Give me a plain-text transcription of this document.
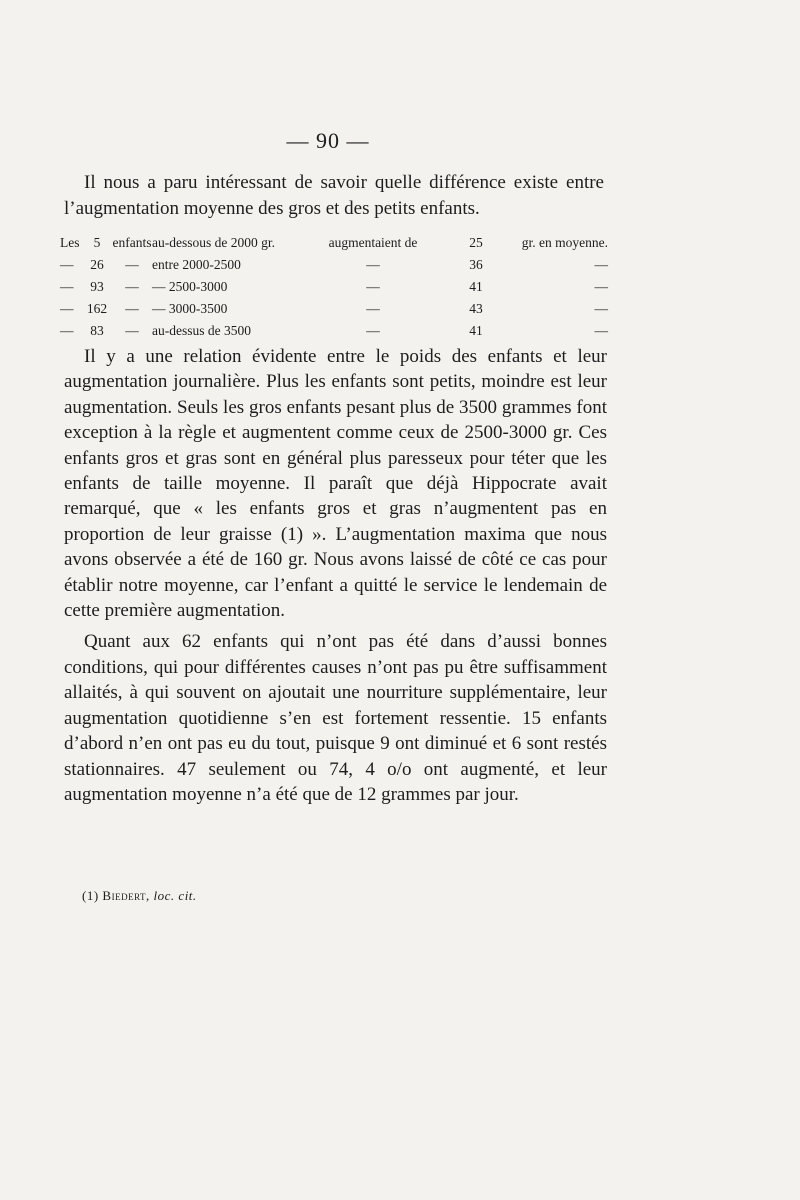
— 90 —

Il nous a paru intéressant de savoir quelle différence existe entre l’augmentation moyenne des gros et des petits enfants.

Les	5	enfants	au-dessous de 2000 gr.	augmentaient de	25	gr. en moyenne.
—	26	—	entre 2000-2500	—	36	—
—	93	—	— 2500-3000	—	41	—
—	162	—	— 3000-3500	—	43	—
—	83	—	au-dessus de 3500	—	41	—

Il y a une relation évidente entre le poids des enfants et leur augmentation journalière. Plus les enfants sont petits, moindre est leur augmentation. Seuls les gros enfants pesant plus de 3500 grammes font exception à la règle et augmentent comme ceux de 2500-3000 gr. Ces enfants gros et gras sont en général plus paresseux pour téter que les enfants de taille moyenne. Il paraît que déjà Hippocrate avait remarqué, que « les enfants gros et gras n’augmentent pas en proportion de leur graisse (1) ». L’augmentation maxima que nous avons observée a été de 160 gr. Nous avons laissé de côté ce cas pour établir notre moyenne, car l’enfant a quitté le service le lendemain de cette première augmentation.

Quant aux 62 enfants qui n’ont pas été dans d’aussi bonnes conditions, qui pour différentes causes n’ont pas pu être suffisamment allaités, à qui souvent on ajoutait une nourriture supplémentaire, leur augmentation quotidienne s’en est fortement ressentie. 15 enfants d’abord n’en ont pas eu du tout, puisque 9 ont diminué et 6 sont restés stationnaires. 47 seulement ou 74, 4 o/o ont augmenté, et leur augmentation moyenne n’a été que de 12 grammes par jour.

(1) Biedert, loc. cit.
